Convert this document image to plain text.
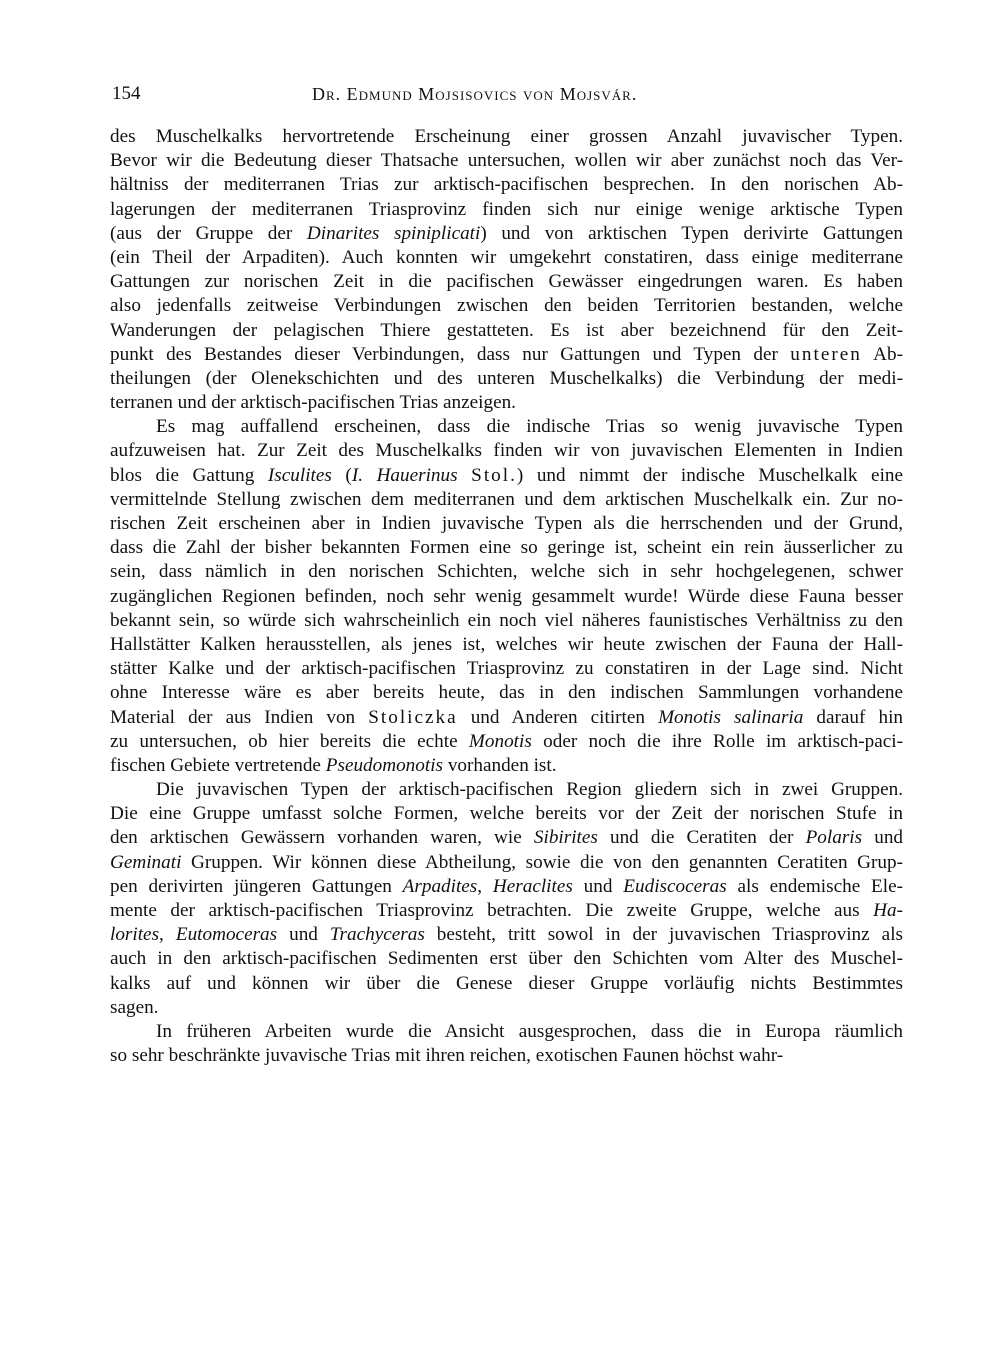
154	Dr. Edmund Mojsisovics von Mojsvár.
des Muschelkalks hervortretende Erscheinung einer grossen Anzahl juvavischer Typen.
Bevor wir die Bedeutung dieser Thatsache untersuchen, wollen wir aber zunächst noch das Ver-
hältniss der mediterranen Trias zur arktisch-pacifischen besprechen. In den norischen Ab-
lagerungen der mediterranen Triasprovinz finden sich nur einige wenige arktische Typen
(aus der Gruppe der Dinarites spiniplicati) und von arktischen Typen derivirte Gattungen
(ein Theil der Arpaditen). Auch konnten wir umgekehrt constatiren, dass einige mediterrane
Gattungen zur norischen Zeit in die pacifischen Gewässer eingedrungen waren. Es haben
also jedenfalls zeitweise Verbindungen zwischen den beiden Territorien bestanden, welche
Wanderungen der pelagischen Thiere gestatteten. Es ist aber bezeichnend für den Zeit-
punkt des Bestandes dieser Verbindungen, dass nur Gattungen und Typen der unteren Ab-
theilungen (der Olenekschichten und des unteren Muschelkalks) die Verbindung der medi-
terranen und der arktisch-pacifischen Trias anzeigen.
Es mag auffallend erscheinen, dass die indische Trias so wenig juvavische Typen
aufzuweisen hat. Zur Zeit des Muschelkalks finden wir von juvavischen Elementen in Indien
blos die Gattung Isculites (I. Hauerinus Stol.) und nimmt der indische Muschelkalk eine
vermittelnde Stellung zwischen dem mediterranen und dem arktischen Muschelkalk ein. Zur no-
rischen Zeit erscheinen aber in Indien juvavische Typen als die herrschenden und der Grund,
dass die Zahl der bisher bekannten Formen eine so geringe ist, scheint ein rein äusserlicher zu
sein, dass nämlich in den norischen Schichten, welche sich in sehr hochgelegenen, schwer
zugänglichen Regionen befinden, noch sehr wenig gesammelt wurde! Würde diese Fauna besser
bekannt sein, so würde sich wahrscheinlich ein noch viel näheres faunistisches Verhältniss zu den
Hallstätter Kalken herausstellen, als jenes ist, welches wir heute zwischen der Fauna der Hall-
stätter Kalke und der arktisch-pacifischen Triasprovinz zu constatiren in der Lage sind. Nicht
ohne Interesse wäre es aber bereits heute, das in den indischen Sammlungen vorhandene
Material der aus Indien von Stoliczka und Anderen citirten Monotis salinaria darauf hin
zu untersuchen, ob hier bereits die echte Monotis oder noch die ihre Rolle im arktisch-paci-
fischen Gebiete vertretende Pseudomonotis vorhanden ist.
Die juvavischen Typen der arktisch-pacifischen Region gliedern sich in zwei Gruppen.
Die eine Gruppe umfasst solche Formen, welche bereits vor der Zeit der norischen Stufe in
den arktischen Gewässern vorhanden waren, wie Sibirites und die Ceratiten der Polaris und
Geminati Gruppen. Wir können diese Abtheilung, sowie die von den genannten Ceratiten Grup-
pen derivirten jüngeren Gattungen Arpadites, Heraclites und Eudiscoceras als endemische Ele-
mente der arktisch-pacifischen Triasprovinz betrachten. Die zweite Gruppe, welche aus Ha-
lorites, Eutomoceras und Trachyceras besteht, tritt sowol in der juvavischen Triasprovinz als
auch in den arktisch-pacifischen Sedimenten erst über den Schichten vom Alter des Muschel-
kalks auf und können wir über die Genese dieser Gruppe vorläufig nichts Bestimmtes
sagen.
In früheren Arbeiten wurde die Ansicht ausgesprochen, dass die in Europa räumlich
so sehr beschränkte juvavische Trias mit ihren reichen, exotischen Faunen höchst wahr-
